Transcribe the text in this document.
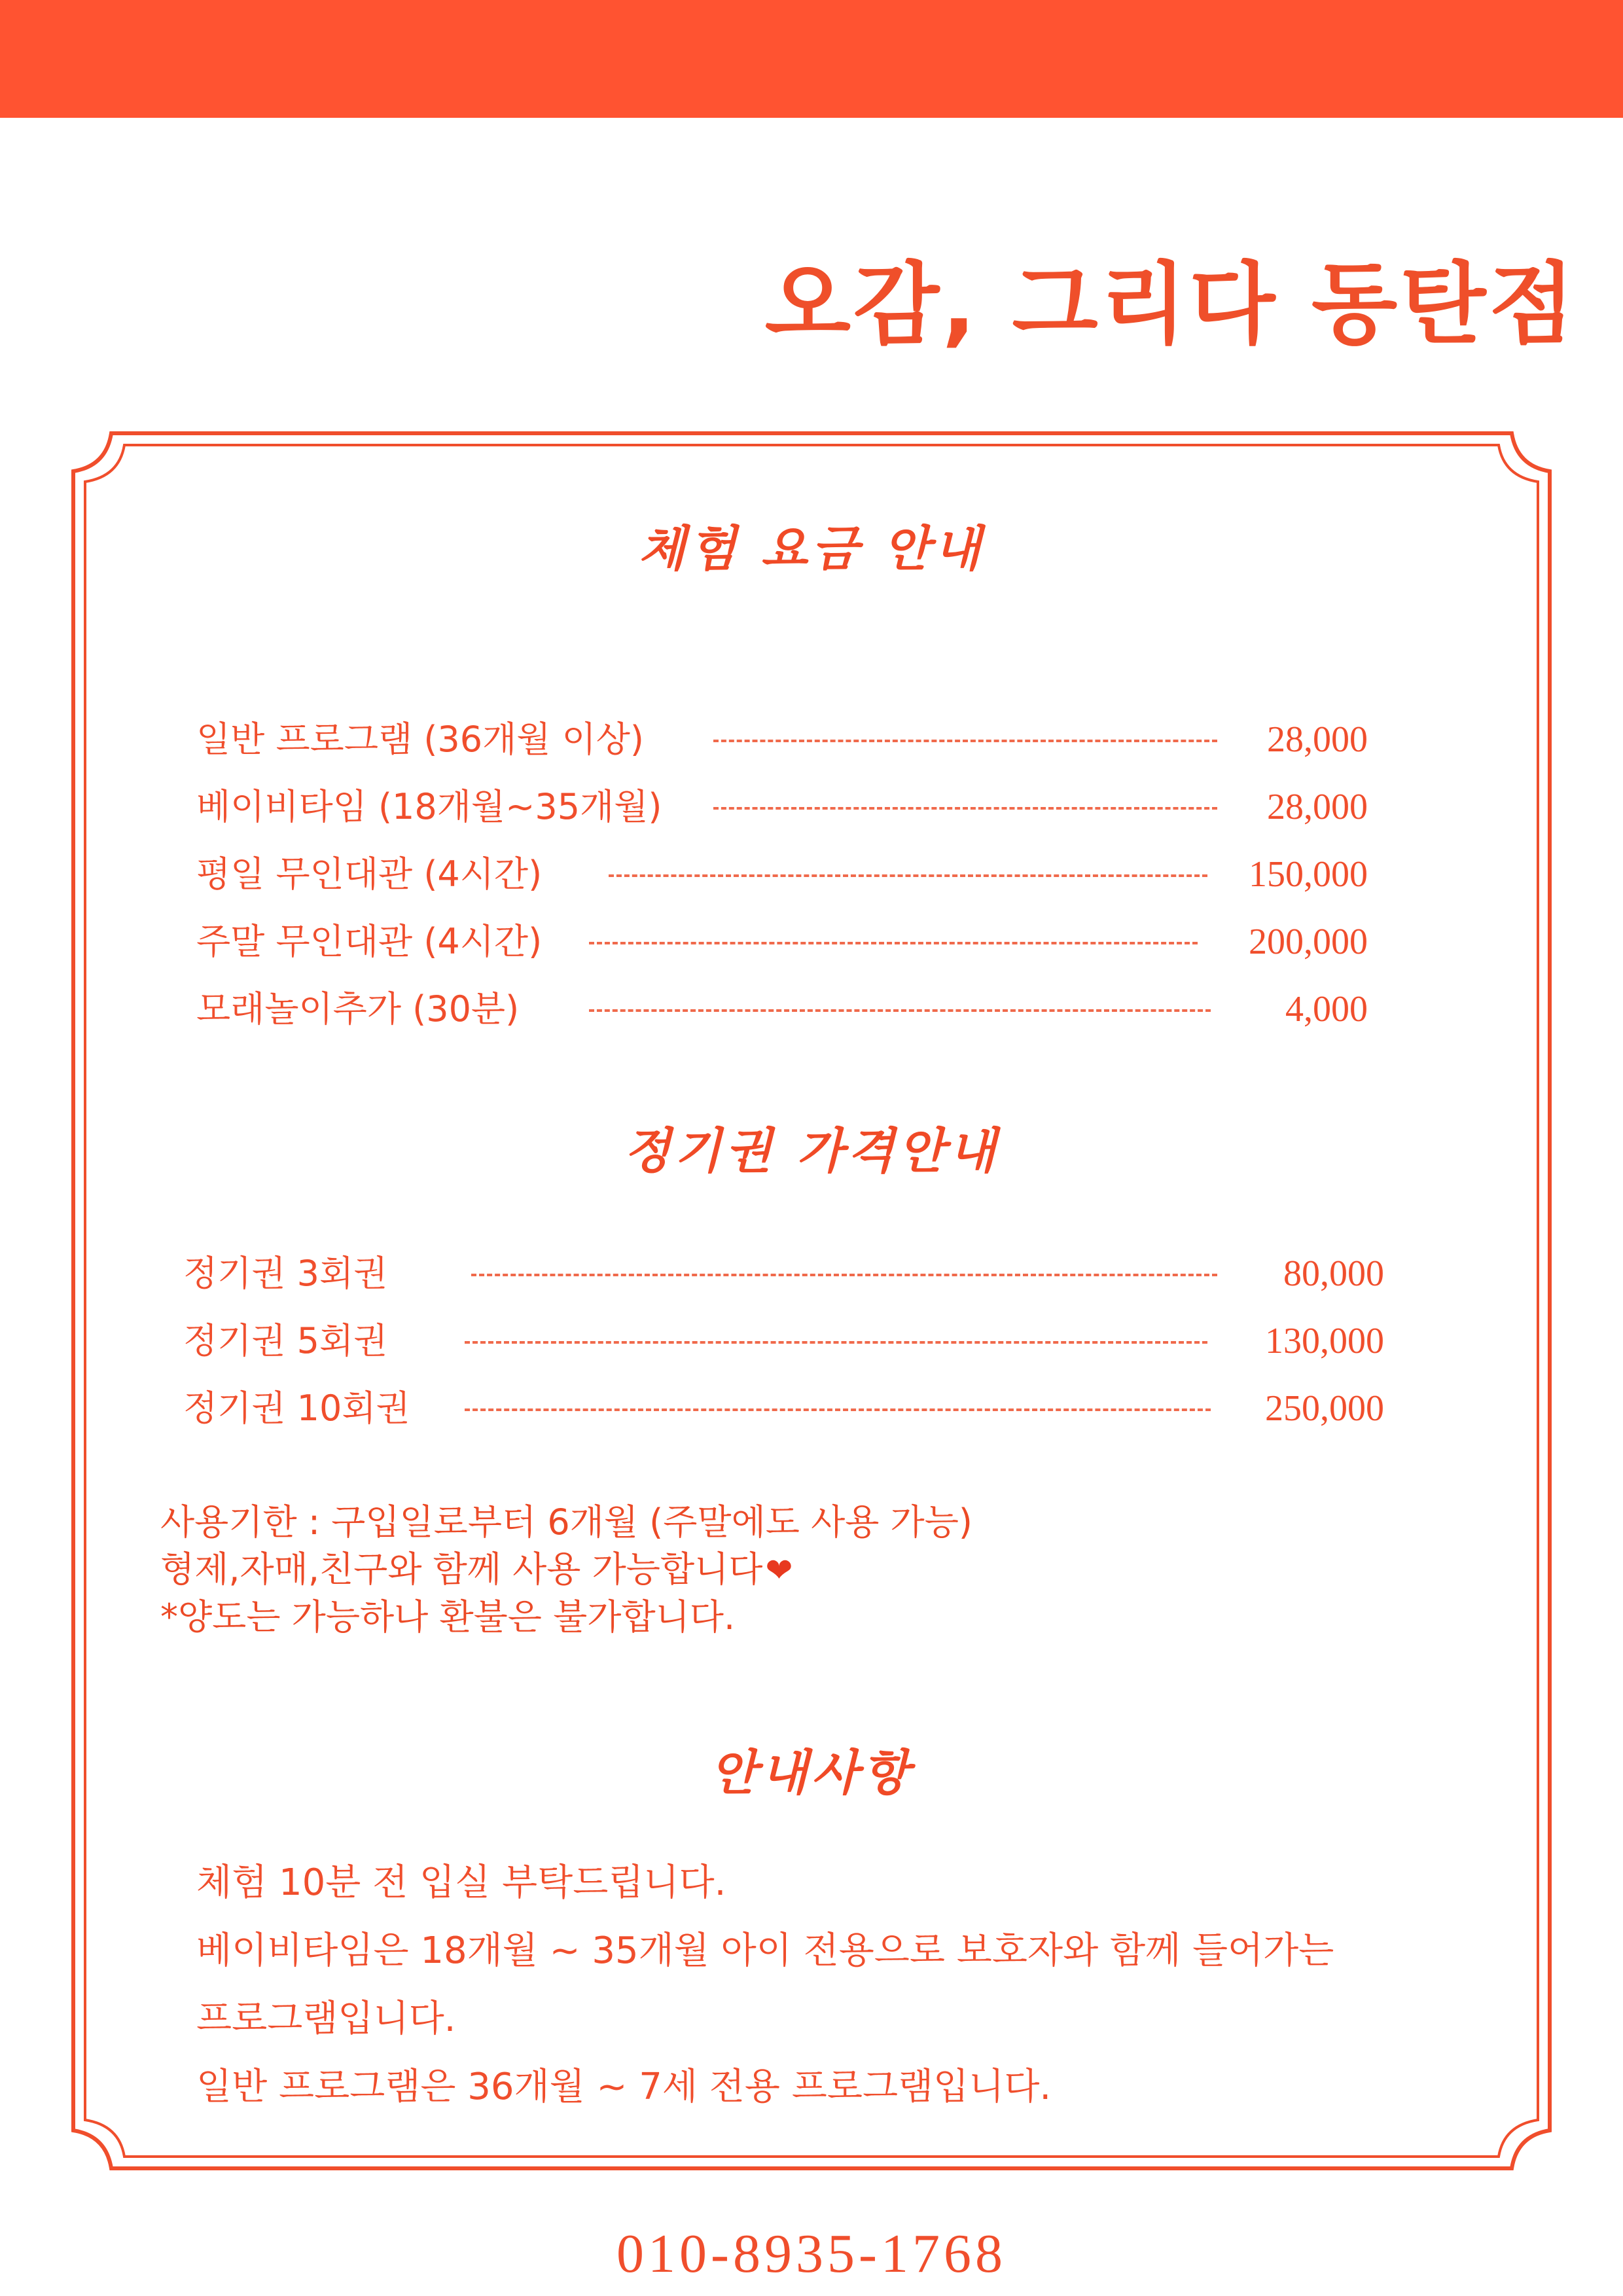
오감, 그리다 동탄점
체험 요금 안내
일반 프로그램 (36개월 이상)	28,000
베이비타임 (18개월~35개월)	28,000
평일 무인대관 (4시간)	150,000
주말 무인대관 (4시간)	200,000
모래놀이추가 (30분)	4,000
정기권 가격안내
정기권 3회권	80,000
정기권 5회권	130,000
정기권 10회권	250,000
사용기한 : 구입일로부터 6개월 (주말에도 사용 가능)
형제,자매,친구와 함께 사용 가능합니다❤
*양도는 가능하나 환불은 불가합니다.
안내사항
체험 10분 전 입실 부탁드립니다.
베이비타임은 18개월 ~ 35개월 아이 전용으로 보호자와 함께 들어가는
프로그램입니다.
일반 프로그램은 36개월 ~ 7세 전용 프로그램입니다.

010-8935-1768
